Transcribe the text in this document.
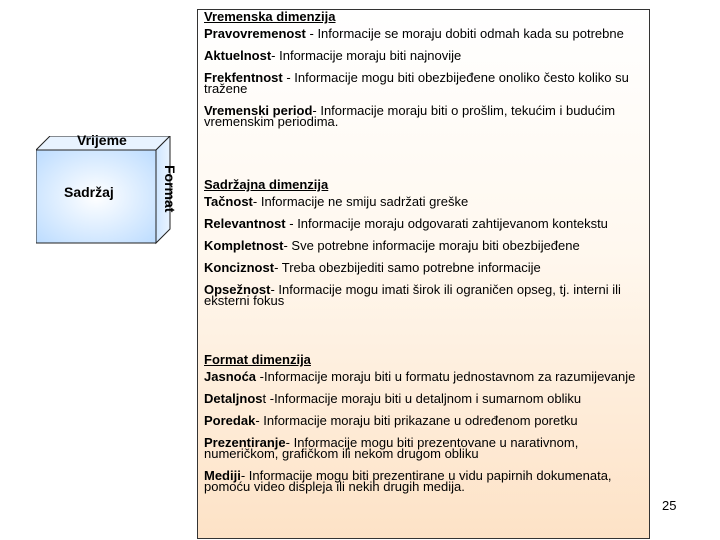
Vrijeme
Sadržaj	Format
Vremenska dimenzija
Pravovremenost - Informacije se moraju dobiti odmah kada su potrebne
Aktuelnost- Informacije moraju biti najnovije
Frekfentnost - Informacije mogu biti obezbijeđene onoliko često koliko su tražene
Vremenski period- Informacije moraju biti o prošlim, tekućim i budućim vremenskim periodima.
Sadržajna dimenzija
Tačnost- Informacije ne smiju sadržati greške
Relevantnost - Informacije moraju odgovarati zahtijevanom kontekstu
Kompletnost- Sve potrebne informacije moraju biti obezbijeđene
Konciznost- Treba obezbijediti samo potrebne informacije
Opsežnost- Informacije mogu imati širok ili ograničen opseg, tj. interni ili eksterni fokus
Format dimenzija
Jasnoća -Informacije moraju biti u formatu jednostavnom za razumijevanje
Detaljnost -Informacije moraju biti u detaljnom i sumarnom obliku
Poredak- Informacije moraju biti prikazane u određenom poretku
Prezentiranje- Informacije mogu biti prezentovane u narativnom, numeričkom, grafičkom ili nekom drugom obliku
Mediji- Informacije mogu biti prezentirane u vidu papirnih dokumenata, pomoću video displeja ili nekih drugih medija.
25
